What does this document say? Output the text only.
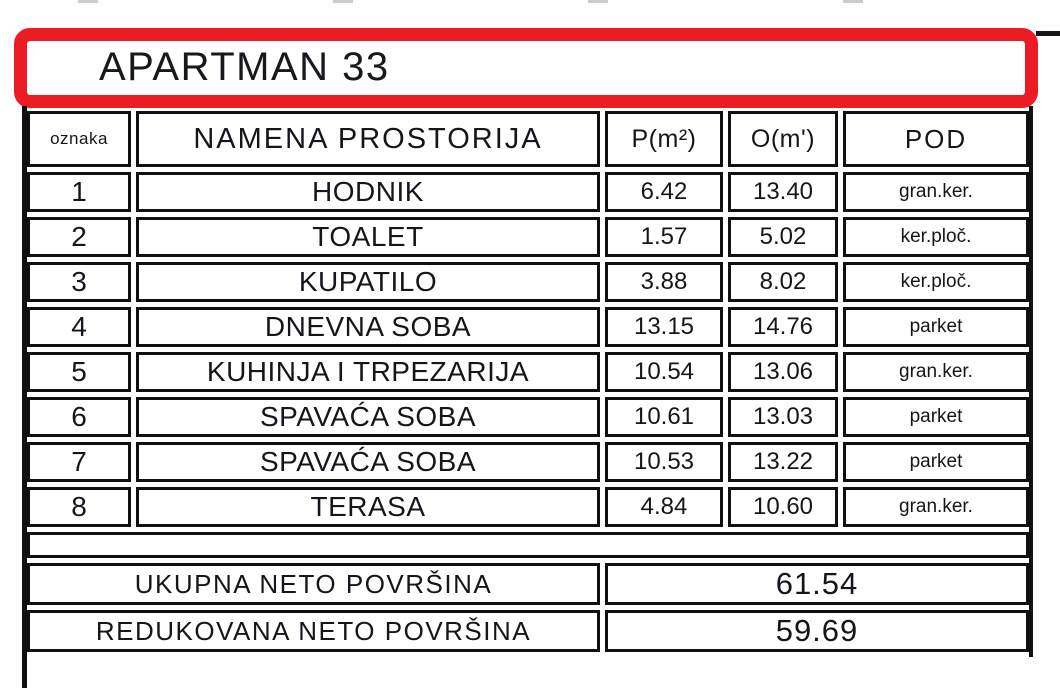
APARTMAN 33
oznaka	NAMENA PROSTORIJA	P(m²)	O(m')	POD
1	HODNIK	6.42	13.40	gran.ker.
2	TOALET	1.57	5.02	ker.ploč.
3	KUPATILO	3.88	8.02	ker.ploč.
4	DNEVNA SOBA	13.15	14.76	parket
5	KUHINJA I TRPEZARIJA	10.54	13.06	gran.ker.
6	SPAVAĆA SOBA	10.61	13.03	parket
7	SPAVAĆA SOBA	10.53	13.22	parket
8	TERASA	4.84	10.60	gran.ker.

UKUPNA NETO POVRŠINA		61.54		
REDUKOVANA NETO POVRŠINA		59.69		
